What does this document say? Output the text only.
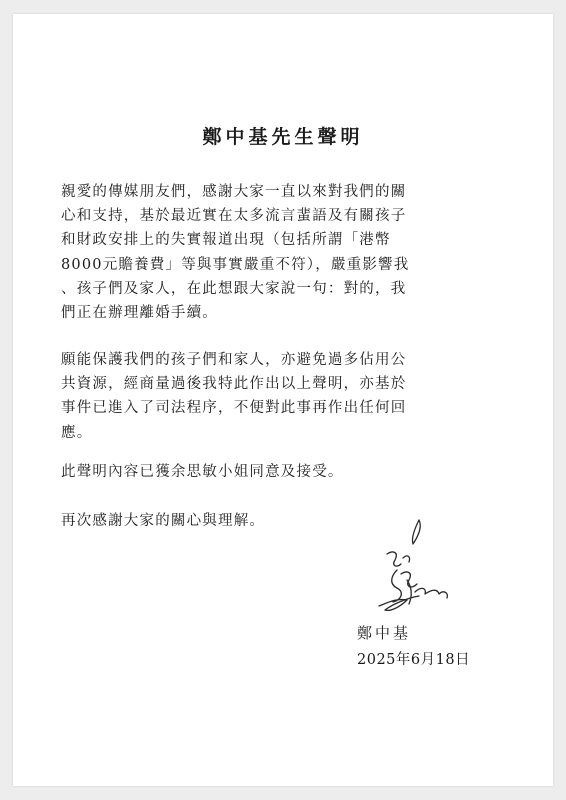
鄭中基先生聲明

親愛的傳媒朋友們，感謝大家一直以來對我們的關
心和支持，基於最近實在太多流言蜚語及有關孩子
和財政安排上的失實報道出現（包括所謂「港幣
8000元贍養費」等與事實嚴重不符），嚴重影響我
、孩子們及家人，在此想跟大家說一句：對的，我
們正在辦理離婚手續。

願能保護我們的孩子們和家人，亦避免過多佔用公
共資源，經商量過後我特此作出以上聲明，亦基於
事件已進入了司法程序，不便對此事再作出任何回
應。

此聲明內容已獲余思敏小姐同意及接受。

再次感謝大家的關心與理解。

鄭中基

2025年6月18日
